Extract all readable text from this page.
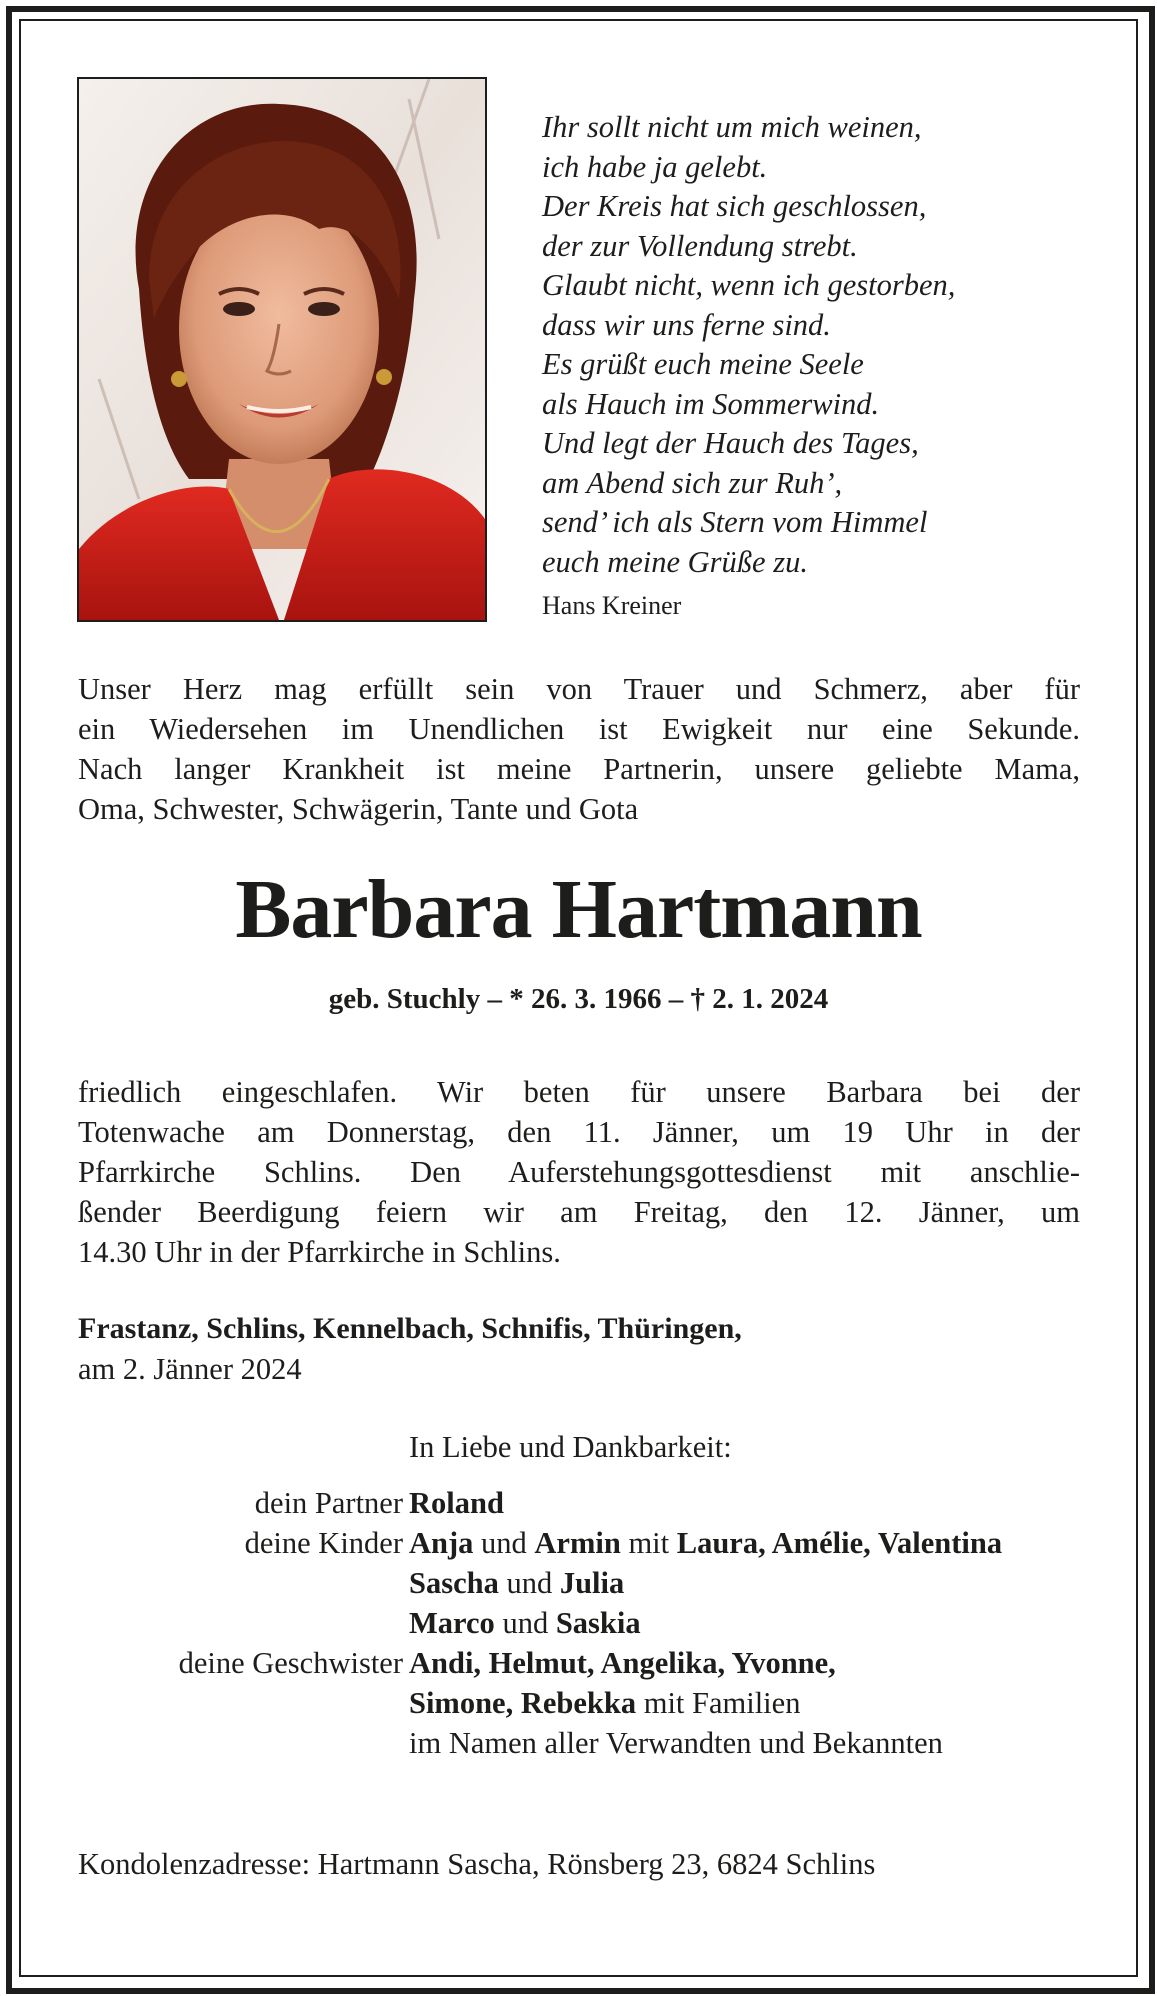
Ihr sollt nicht um mich weinen,
ich habe ja gelebt.
Der Kreis hat sich geschlossen,
der zur Vollendung strebt.
Glaubt nicht, wenn ich gestorben,
dass wir uns ferne sind.
Es grüßt euch meine Seele
als Hauch im Sommerwind.
Und legt der Hauch des Tages,
am Abend sich zur Ruh’,
send’ ich als Stern vom Himmel
euch meine Grüße zu.
Hans Kreiner
Unser Herz mag erfüllt sein von Trauer und Schmerz, aber für
ein Wiedersehen im Unendlichen ist Ewigkeit nur eine Sekunde.
Nach langer Krankheit ist meine Partnerin, unsere geliebte Mama,
Oma, Schwester, Schwägerin, Tante und Gota
Barbara Hartmann
geb. Stuchly – * 26. 3. 1966 – † 2. 1. 2024
friedlich eingeschlafen. Wir beten für unsere Barbara bei der
Totenwache am Donnerstag, den 11. Jänner, um 19 Uhr in der
Pfarrkirche Schlins. Den Auferstehungsgottesdienst mit anschlie-
ßender Beerdigung feiern wir am Freitag, den 12. Jänner, um
14.30 Uhr in der Pfarrkirche in Schlins.
Frastanz, Schlins, Kennelbach, Schnifis, Thüringen,
am 2. Jänner 2024
In Liebe und Dankbarkeit:
dein Partner Roland
deine Kinder Anja und Armin mit Laura, Amélie, Valentina
Sascha und Julia
Marco und Saskia
deine Geschwister Andi, Helmut, Angelika, Yvonne,
Simone, Rebekka mit Familien
im Namen aller Verwandten und Bekannten
Kondolenzadresse: Hartmann Sascha, Rönsberg 23, 6824 Schlins
